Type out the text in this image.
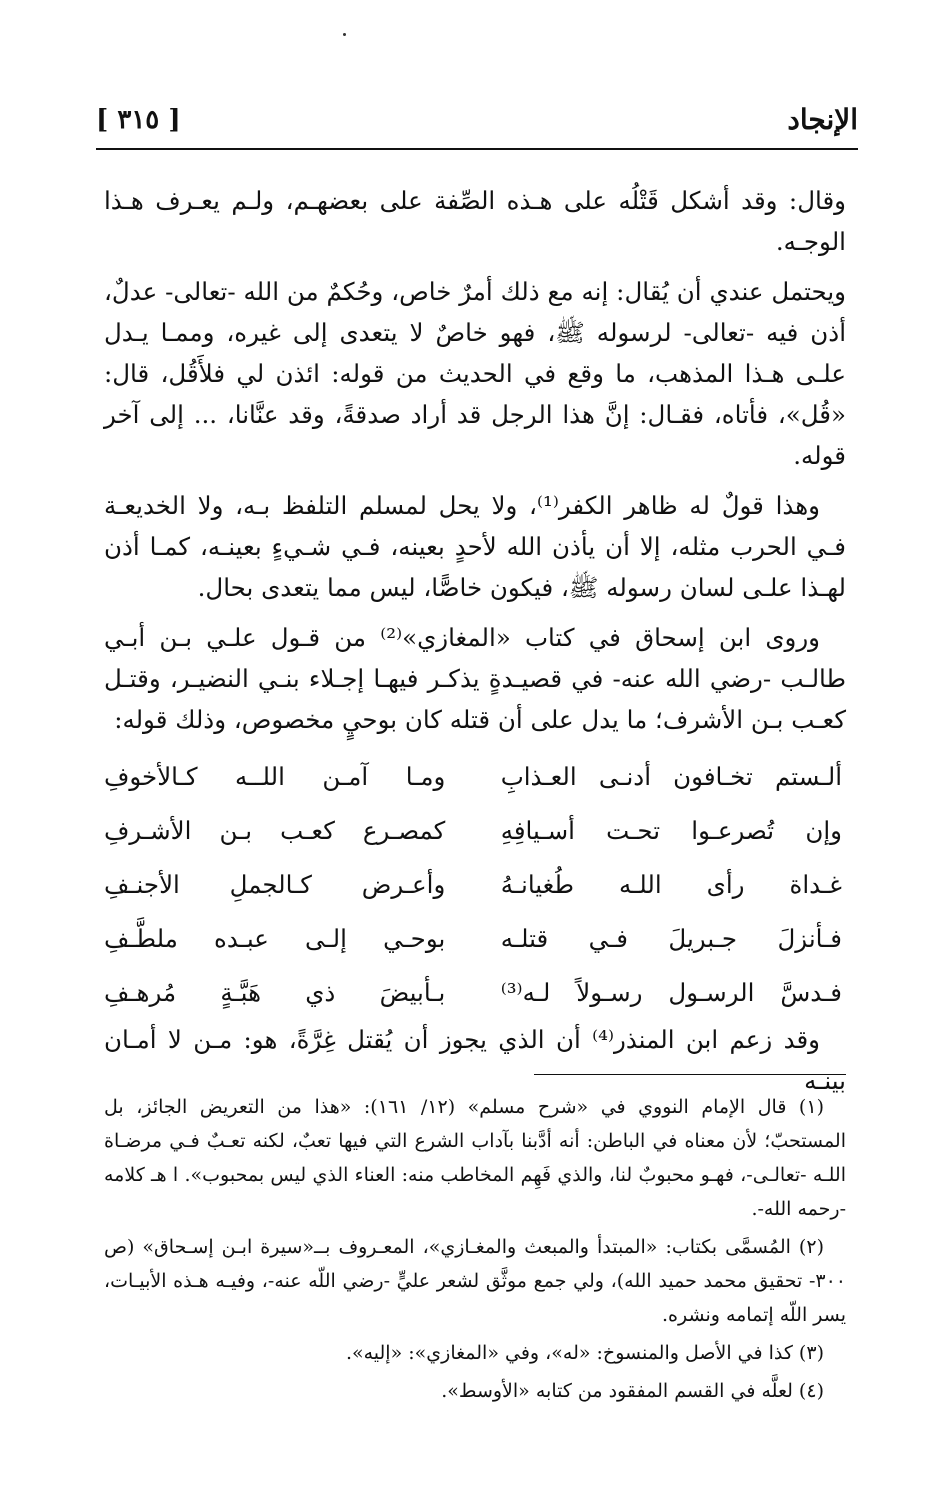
الإنجاد
[ ٣١٥ ]

وقال: وقد أشكل قَتْلُه على هـذه الصِّفة على بعضهـم، ولـم يعـرف هـذا الوجـه.

ويحتمل عندي أن يُقال: إنه مع ذلك أمرٌ خاص، وحُكمٌ من الله -تعالى- عدلٌ، أذن فيه -تعالى- لرسوله ﷺ، فهو خاصٌ لا يتعدى إلى غيره، وممـا يـدل علـى هـذا المذهب، ما وقع في الحديث من قوله: ائذن لي فلأَقُل، قال: «قُل»، فأتاه، فقـال: إنَّ هذا الرجل قد أراد صدقةً، وقد عنَّانا، ... إلى آخر قوله.

وهذا قولٌ له ظاهر الكفر⁽¹⁾، ولا يحل لمسلم التلفظ بـه، ولا الخديعـة فـي الحرب مثله، إلا أن يأذن الله لأحدٍ بعينه، فـي شـيءٍ بعينـه، كمـا أذن لهـذا علـى لسان رسوله ﷺ، فيكون خاصًّا، ليس مما يتعدى بحال.

وروى ابن إسحاق في كتاب «المغازي»⁽²⁾ من قـول علـي بـن أبـي طالـب -رضي الله عنه- في قصيـدةٍ يذكـر فيهـا إجـلاء بنـي النضيـر، وقتـل كعـب بـن الأشرف؛ ما يدل على أن قتله كان بوحيٍ مخصوص، وذلك قوله:

ألـستم تخـافون أدنـى العـذابِ
ومـا آمـن اللــه كـالأخوفِ
وإن تُصرعـوا تحـت أسـيافِهِ
كمصـرع كعـب بـن الأشـرفِ
غـداة رأى اللـه طُغيانـهُ
وأعـرض كـالجملِ الأجنـفِ
فـأنزلَ جـبريلَ فـي قتلـه
بوحـي إلـى عبـده ملطَّـفِ
فـدسَّ الرسـول رسـولاً لـه⁽³⁾
بـأبيضَ ذي هَبَّـةٍ مُرهـفِ

وقد زعم ابن المنذر⁽⁴⁾ أن الذي يجوز أن يُقتل غِرَّةً، هو: مـن لا أمـان بينـه

(١) قال الإمام النووي في «شرح مسلم» (١٢/ ١٦١): «هذا من التعريض الجائز، بل المستحبّ؛ لأن معناه في الباطن: أنه أدَّبنا بآداب الشرع التي فيها تعبٌ، لكنه تعـبٌ فـي مرضـاة اللـه -تعالـى-، فهـو محبوبٌ لنا، والذي فَهِم المخاطب منه: العناء الذي ليس بمحبوب». ا هـ كلامه -رحمه الله-.

(٢) المُسمَّى بكتاب: «المبتدأ والمبعث والمغـازي»، المعـروف بــ«سيرة ابـن إسـحاق» (ص ٣٠٠- تحقيق محمد حميد الله)، ولي جمع موثَّق لشعر عليٍّ -رضي اللّه عنه-، وفيـه هـذه الأبيـات، يسر اللّه إتمامه ونشره.

(٣) كذا في الأصل والمنسوخ: «له»، وفي «المغازي»: «إليه».

(٤) لعلَّه في القسم المفقود من كتابه «الأوسط».
